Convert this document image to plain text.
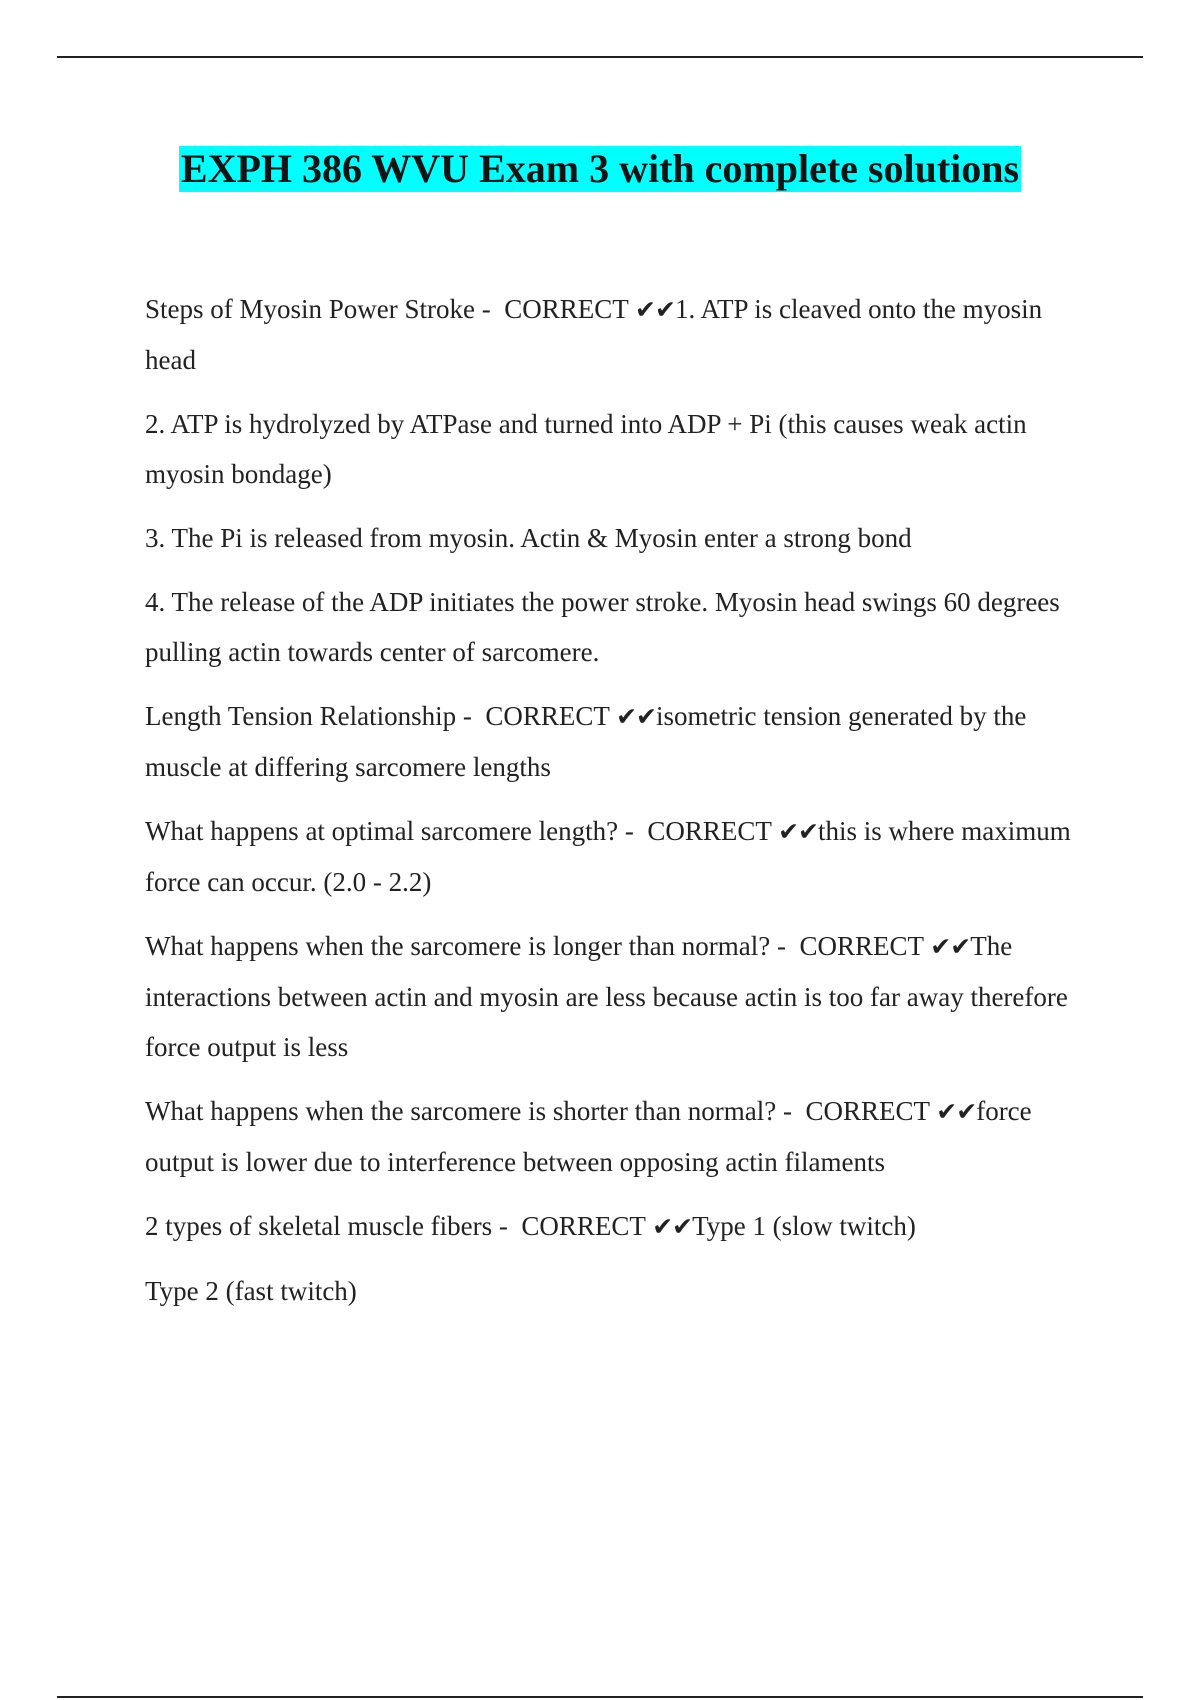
EXPH 386 WVU Exam 3 with complete solutions

Steps of Myosin Power Stroke - CORRECT ✔✔1. ATP is cleaved onto the myosin head

2. ATP is hydrolyzed by ATPase and turned into ADP + Pi (this causes weak actin myosin bondage)

3. The Pi is released from myosin. Actin & Myosin enter a strong bond

4. The release of the ADP initiates the power stroke. Myosin head swings 60 degrees pulling actin towards center of sarcomere.

Length Tension Relationship - CORRECT ✔✔isometric tension generated by the muscle at differing sarcomere lengths

What happens at optimal sarcomere length? - CORRECT ✔✔this is where maximum force can occur. (2.0 - 2.2)

What happens when the sarcomere is longer than normal? - CORRECT ✔✔The interactions between actin and myosin are less because actin is too far away therefore force output is less

What happens when the sarcomere is shorter than normal? - CORRECT ✔✔force output is lower due to interference between opposing actin filaments

2 types of skeletal muscle fibers - CORRECT ✔✔Type 1 (slow twitch)

Type 2 (fast twitch)
